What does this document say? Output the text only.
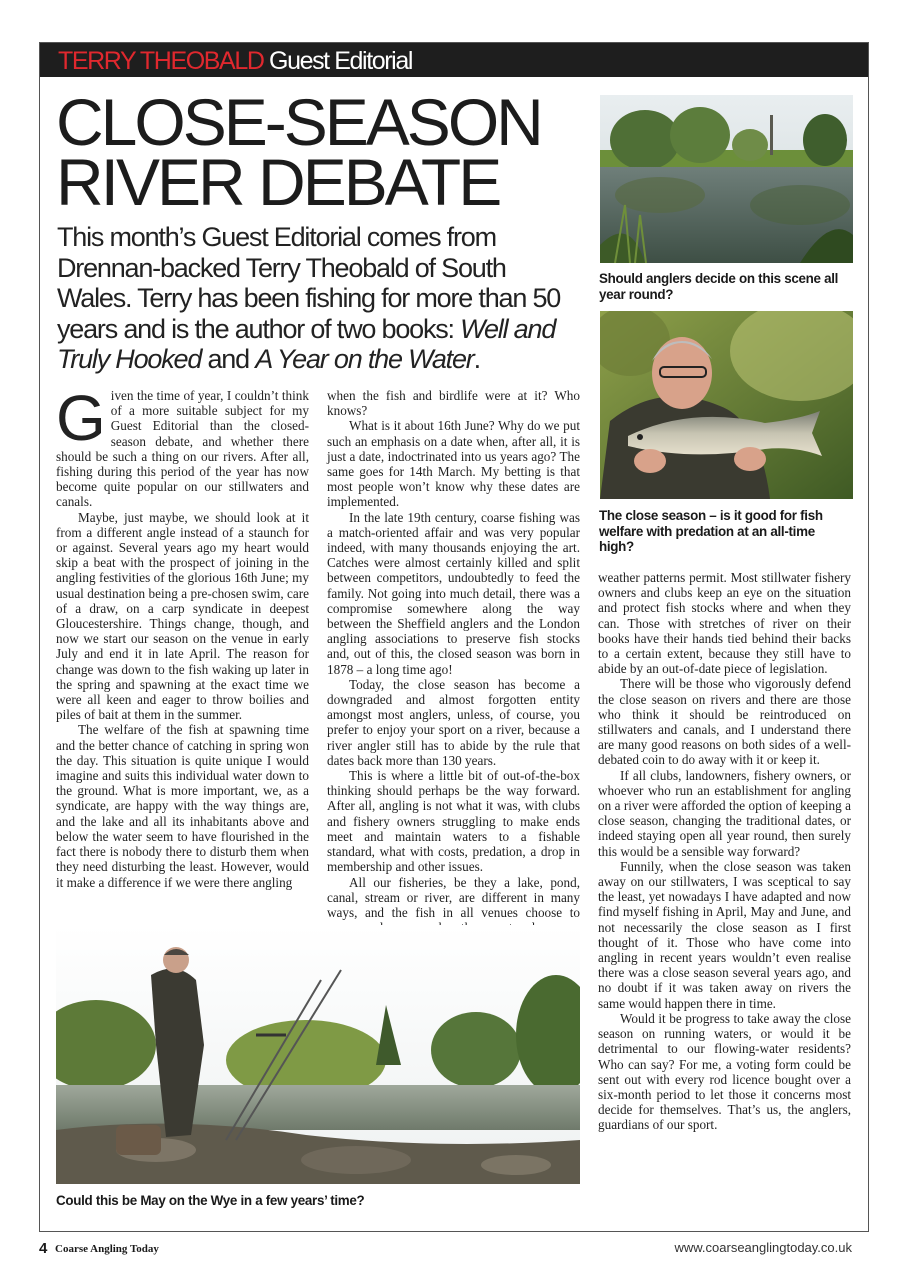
TERRY THEOBALD Guest Editorial
CLOSE-SEASON
RIVER DEBATE

This month’s Guest Editorial comes from Drennan-backed Terry Theobald of South Wales. Terry has been fishing for more than 50 years and is the author of two books: Well and Truly Hooked and A Year on the Water.

Given the time of year, I couldn’t think of a more suitable subject for my Guest Editorial than the closed-season debate, and whether there should be such a thing on our rivers. After all, fishing during this period of the year has now become quite popular on our stillwaters and canals.

Maybe, just maybe, we should look at it from a different angle instead of a staunch for or against. Several years ago my heart would skip a beat with the prospect of joining in the angling festivities of the glorious 16th June; my usual destination being a pre-chosen swim, care of a draw, on a carp syndicate in deepest Gloucestershire. Things change, though, and now we start our season on the venue in early July and end it in late April. The reason for change was down to the fish waking up later in the spring and spawning at the exact time we were all keen and eager to throw boilies and piles of bait at them in the summer.

The welfare of the fish at spawning time and the better chance of catching in spring won the day. This situation is quite unique I would imagine and suits this individual water down to the ground. What is more important, we, as a syndicate, are happy with the way things are, and the lake and all its inhabitants above and below the water seem to have flourished in the fact there is nobody there to disturb them when they need disturbing the least. However, would it make a difference if we were there angling

when the fish and birdlife were at it? Who knows?

What is it about 16th June? Why do we put such an emphasis on a date when, after all, it is just a date, indoctrinated into us years ago? The same goes for 14th March. My betting is that most people won’t know why these dates are implemented.

In the late 19th century, coarse fishing was a match-oriented affair and was very popular indeed, with many thousands enjoying the art. Catches were almost certainly killed and split between competitors, undoubtedly to feed the family. Not going into much detail, there was a compromise somewhere along the way between the Sheffield anglers and the London angling associations to preserve fish stocks and, out of this, the closed season was born in 1878 – a long time ago!

Today, the close season has become a downgraded and almost forgotten entity amongst most anglers, unless, of course, you prefer to enjoy your sport on a river, because a river angler still has to abide by the rule that dates back more than 130 years.

This is where a little bit of out-of-the-box thinking should perhaps be the way forward. After all, angling is not what it was, with clubs and fishery owners struggling to make ends meet and maintain waters to a fishable standard, what with costs, predation, a drop in membership and other issues.

All our fisheries, be they a lake, pond, canal, stream or river, are different in many ways, and the fish in all venues choose to

weather patterns permit. Most stillwater fishery owners and clubs keep an eye on the situation and protect fish stocks where and when they can. Those with stretches of river on their books have their hands tied behind their backs to a certain extent, because they still have to abide by an out-of-date piece of legislation.

There will be those who vigorously defend the close season on rivers and there are those who think it should be reintroduced on stillwaters and canals, and I understand there are many good reasons on both sides of a well-debated coin to do away with it or keep it.

If all clubs, landowners, fishery owners, or whoever who run an establishment for angling on a river were afforded the option of keeping a close season, changing the traditional dates, or indeed staying open all year round, then surely this would be a sensible way forward?

Funnily, when the close season was taken away on our stillwaters, I was sceptical to say the least, yet nowadays I have adapted and now find myself fishing in April, May and June, and not necessarily the close season as I first thought of it. Those who have come into angling in recent years wouldn’t even realise there was a close season several years ago, and no doubt if it was taken away on rivers the same would happen there in time.

Would it be progress to take away the close season on running waters, or would it be detrimental to our flowing-water residents? Who can say? For me, a voting form could be sent out with every rod licence bought over a six-month period to let those it concerns most decide for themselves. That’s us, the anglers, guardians of our sport.

Should anglers decide on this scene all year round?
The close season – is it good for fish welfare with predation at an all-time high?
Could this be May on the Wye in a few years’ time?
4 Coarse Angling Today	www.coarseanglingtoday.co.uk
